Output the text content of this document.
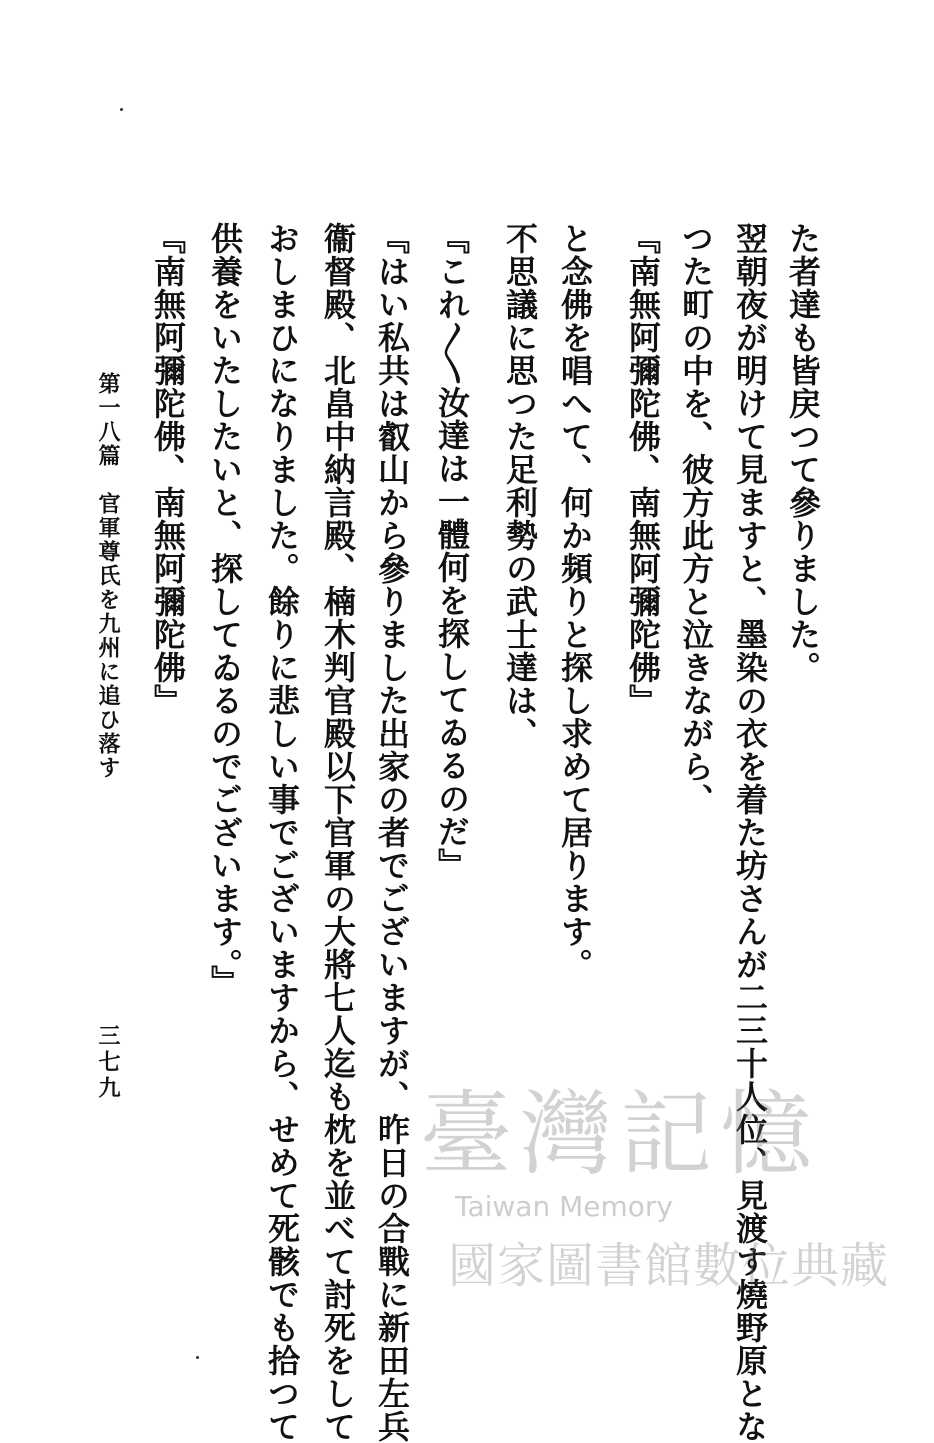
た者達も皆戻つて參りました。
翌朝夜が明けて見ますと、墨染の衣を着た坊さんが二三十人位、見渡す燒野原とな
つた町の中を、彼方此方と泣きながら、
『南無阿彌陀佛、南無阿彌陀佛』
と念佛を唱へて、何か頻りと探し求めて居ります。
不思議に思つた足利勢の武士達は、
『これ〳〵汝達は一體何を探してゐるのだ』
『はい私共は叡山から參りました出家の者でございますが、昨日の合戰に新田左兵
衞督殿、北畠中納言殿、楠木判官殿以下官軍の大將七人迄も枕を並べて討死をして
おしまひになりました。餘りに悲しい事でございますから、せめて死骸でも拾つて
供養をいたしたいと、探してゐるのでございます。』
『南無阿彌陀佛、南無阿彌陀佛』
第一八篇　官軍尊氏を九州に追ひ落す
三七九
臺灣記憶
Taiwan Memory
國家圖書館數位典藏
